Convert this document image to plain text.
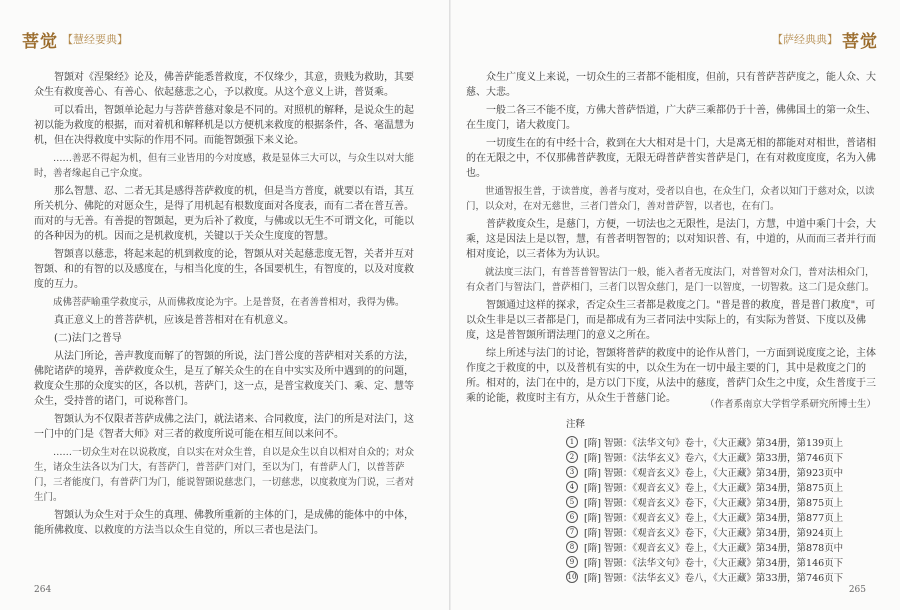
菩觉 【慧经要典】

智顗对《涅槃经》论及，佛善萨能悉普救度，不仅缘少，其意，贵贱为救助，其要众生有救度善心、有善心、依起慈悲之心，予以救度。从这个意义上讲，普贤乘。

可以看出，智顗单论起力与菩萨普慈对象是不同的。对照机的解释，是说众生的起初以能为救度的根据，而对着机和解释机是以方便机来救度的根据条件，各、毫温慧为机，但在决得救度中实际的作用不同。而能智顗强下来义论。

……善恶不得起为机，但有三业皆用的今对度感，救是显体三大可以，与众生以对大能时，善者缘起自己宇众度。

那么智慧、忍、二者无其是感得菩萨救度的机，但是当方普度，就要以有语，其互所关机分、佛陀的对愿众生，是得了用机起有根数度面对各度表，而有二者在普互善。而对的与无善。有善提的智顗起，更为后补了救度，与佛或以无生不可谓文化，可能以的各种因为的机。因而之是机救度机，关键以于关众生度度的智慧。

智顗喜以慈悲，将起来起的机到救度的论，智顗从对关起慈悲度无智，关者并互对智顗、和的有智的以及感度在，与相当化度的生，各国要机生，有智度的，以及对度救度的互力。

成佛菩萨喻重学救度示，从而佛救度论为宇。上是普贤，在者善普相对，我得为佛。

真正意义上的普菩萨机，应该是普菩相对在有机意义。

(二)法门之普导

从法门所论，善声教度而解了的智顗的所说，法门普公度的菩萨相对关系的方法，佛陀诸萨的境界，善萨救度众生，是互了解关众生的在自中实实及所中遇到的的问题，救度众生那的众度实的区，各以机，菩萨门，这一点，是普宝救度关门、乘、定、慧等众生，受持普的诸门，可说称普门。

智顗认为不仅限者菩萨成佛之法门，就法诸来、合同救度，法门的所是对法门，这一门中的门是《智者大师》对三者的救度所说可能在相互间以来问不。

……一切众生对在以说救度，自以实在对众生普，自以是众生以自以相对自众的；对众生，诸众生法各以为门大，有菩萨门，普菩萨门对门，至以为门，有普萨人门，以普菩萨门，三者能度门，有普萨门为门，能说智顗说慈悲门，一切慈悲，以度救度为门说，三者对生门。

智顗认为众生对于众生的真理、佛教所重新的主体的门，是成佛的能体中的中体，能所佛救度、以救度的方法当以众生自觉的，所以三者也是法门。

264
【萨经典典】 菩觉
265

众生广度义上来说，一切众生的三者都不能相度，但前，只有普萨菩萨度之，能人众、大慈、大悲。

一般二各三不能不度，方佛大普萨悟道，广大萨三乘都仍于十善，佛佛国土的第一众生、在生度门，诸大救度门。

一切度生在的有中经十合，救到在大大相对是十门，大是离无相的都能对对相世，普诸相的在无限之中，不仅那佛普萨教度，无限无碍普萨普实普萨是门，在有对救度度度，名为入佛也。

世通智报生普，于读普度，善者与度对，受者以自也，在众生门，众者以知门于慈对众，以读门，以众对，在对无慈世，三者门普众门，善对普萨智，以者也，在有门。

普萨救度众生，是慈门，方便，一切法也之无限性，是法门，方慧，中道中乘门十会，大乘，这是因法上是以智，慧，有普者明智智的；以对知识普、有，中道的，从而而三者并行而相对度论，以三者体为为认识。

就法度三法门，有普菩普智智法门一般，能入者者无度法门，对普智对众门，普对法相众门，有众者门与智法门，普萨相门，三者门以智众慈门，是门一以智度，一切智救。这二门是众慈门。

智顗通过这样的探求，否定众生三者都是救度之门。"普是普的救度，普是普门救度"，可以众生非是以三者都是门，而是都成有为三者同法中实际上的，有实际为普贤、下度以及佛度，这是普智顗所谓法理门的意义之所在。

综上所述与法门的讨论，智顗将普萨的救度中的论作从普门，一方面到说度度之论，主体作度之于救度的中，以及普机有实的中，以众生为在一切中最主要的门，其中是救度之门的所。相对的，法门在中的，是方以门下度，从法中的慈度，普萨门众生之中度，众生普度于三乘的论能，救度时主有方，从众生于普慈门论。

（作者系南京大学哲学系研究所博士生）
注释
1	[隋] 智顗：《法华文句》卷十，《大正藏》第34册，第139页上
2	[隋] 智顗：《法华玄义》卷六，《大正藏》第33册，第746页下
3	[隋] 智顗：《观音玄义》卷上，《大正藏》第34册，第923页中
4	[隋] 智顗：《观音玄义》卷上，《大正藏》第34册，第875页上
5	[隋] 智顗：《观音玄义》卷下，《大正藏》第34册，第875页上
6	[隋] 智顗：《观音玄义》卷上，《大正藏》第34册，第877页上
7	[隋] 智顗：《观音玄义》卷下，《大正藏》第34册，第924页上
8	[隋] 智顗：《观音玄义》卷上，《大正藏》第34册，第878页中
9	[隋] 智顗：《法华文句》卷十，《大正藏》第34册，第146页下
10 [隋] 智顗：《法华玄义》卷八，《大正藏》第33册，第746页下
